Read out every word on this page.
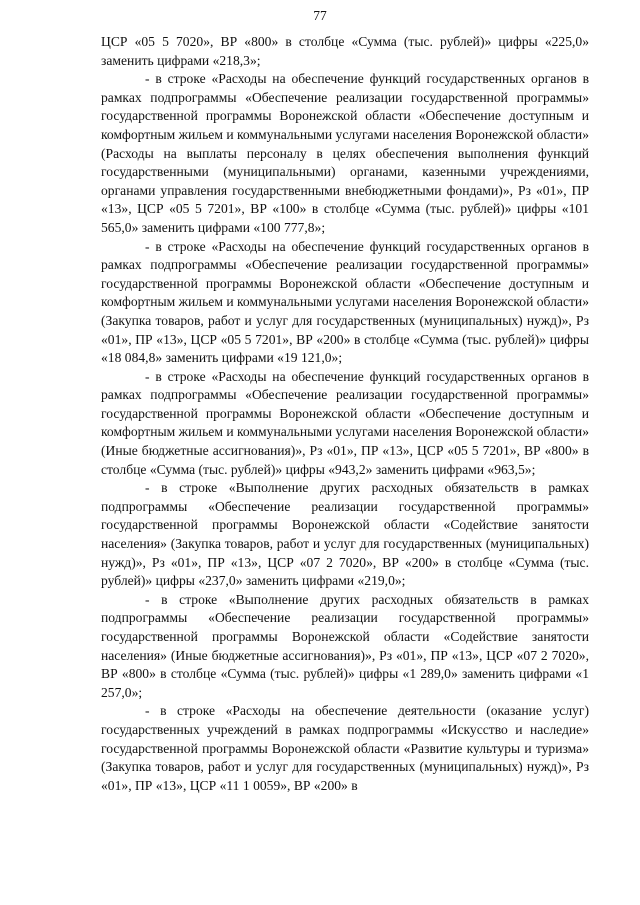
77

ЦСР «05 5 7020», ВР «800» в столбце «Сумма (тыс. рублей)» цифры «225,0» заменить цифрами «218,3»;

- в строке «Расходы на обеспечение функций государственных органов в рамках подпрограммы «Обеспечение реализации государственной программы» государственной программы Воронежской области «Обеспечение доступным и комфортным жильем и коммунальными услугами населения Воронежской области» (Расходы на выплаты персоналу в целях обеспечения выполнения функций государственными (муниципальными) органами, казенными учреждениями, органами управления государственными внебюджетными фондами)», Рз «01», ПР «13», ЦСР «05 5 7201», ВР «100» в столбце «Сумма (тыс. рублей)» цифры «101 565,0» заменить цифрами «100 777,8»;

- в строке «Расходы на обеспечение функций государственных органов в рамках подпрограммы «Обеспечение реализации государственной программы» государственной программы Воронежской области «Обеспечение доступным и комфортным жильем и коммунальными услугами населения Воронежской области» (Закупка товаров, работ и услуг для государственных (муниципальных) нужд)», Рз «01», ПР «13», ЦСР «05 5 7201», ВР «200» в столбце «Сумма (тыс. рублей)» цифры «18 084,8» заменить цифрами «19 121,0»;

- в строке «Расходы на обеспечение функций государственных органов в рамках подпрограммы «Обеспечение реализации государственной программы» государственной программы Воронежской области «Обеспечение доступным и комфортным жильем и коммунальными услугами населения Воронежской области» (Иные бюджетные ассигнования)», Рз «01», ПР «13», ЦСР «05 5 7201», ВР «800» в столбце «Сумма (тыс. рублей)» цифры «943,2» заменить цифрами «963,5»;

- в строке «Выполнение других расходных обязательств в рамках подпрограммы «Обеспечение реализации государственной программы» государственной программы Воронежской области «Содействие занятости населения» (Закупка товаров, работ и услуг для государственных (муниципальных) нужд)», Рз «01», ПР «13», ЦСР «07 2 7020», ВР «200» в столбце «Сумма (тыс. рублей)» цифры «237,0» заменить цифрами «219,0»;

- в строке «Выполнение других расходных обязательств в рамках подпрограммы «Обеспечение реализации государственной программы» государственной программы Воронежской области «Содействие занятости населения» (Иные бюджетные ассигнования)», Рз «01», ПР «13», ЦСР «07 2 7020», ВР «800» в столбце «Сумма (тыс. рублей)» цифры «1 289,0» заменить цифрами «1 257,0»;

- в строке «Расходы на обеспечение деятельности (оказание услуг) государственных учреждений в рамках подпрограммы «Искусство и наследие» государственной программы Воронежской области «Развитие культуры и туризма» (Закупка товаров, работ и услуг для государственных (муниципальных) нужд)», Рз «01», ПР «13», ЦСР «11 1 0059», ВР «200» в
